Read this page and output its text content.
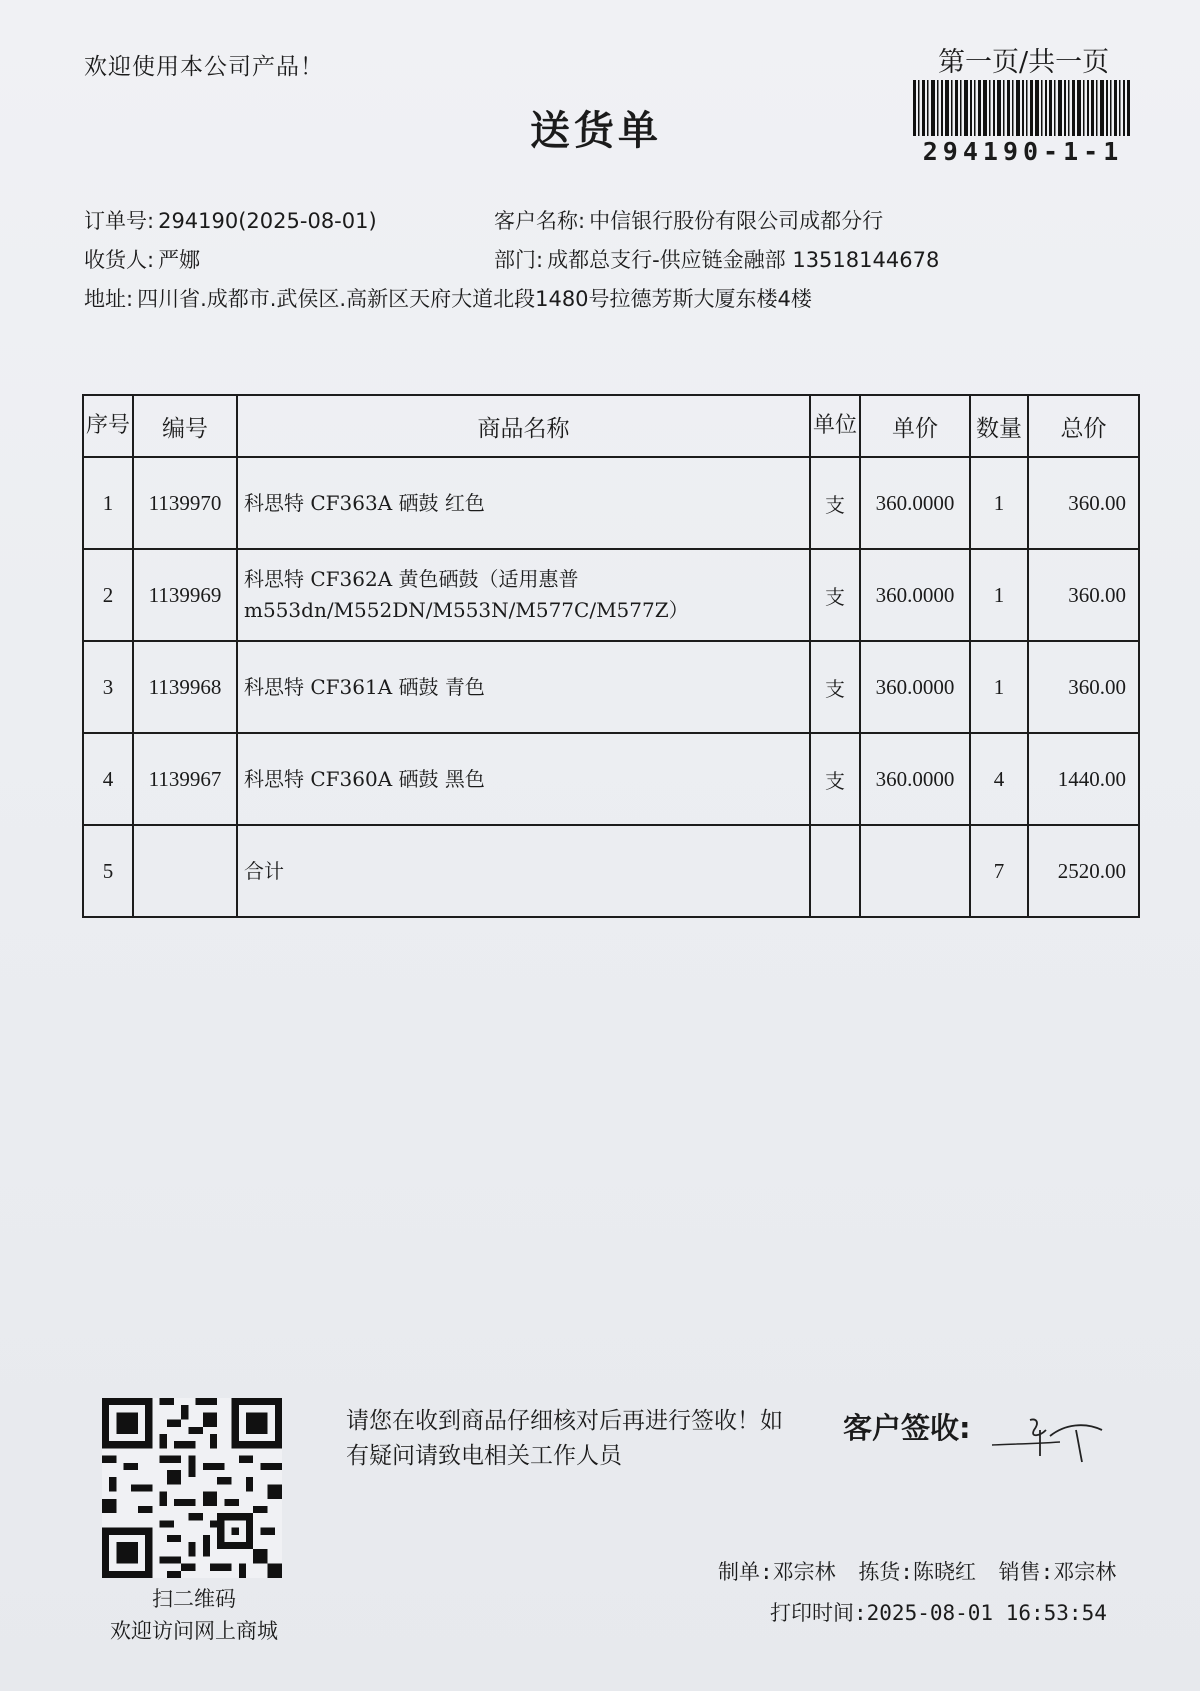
欢迎使用本公司产品！
送货单
第一页/共一页
294190-1-1
订单号: 294190(2025-08-01)	客户名称: 中信银行股份有限公司成都分行
收货人: 严娜	部门: 成都总支行-供应链金融部 13518144678
地址: 四川省.成都市.武侯区.高新区天府大道北段1480号拉德芳斯大厦东楼4楼
序号	编号	商品名称	单位	单价	数量	总价
1	1139970	科思特 CF363A 硒鼓 红色	支	360.0000	1	360.00
2	1139969	科思特 CF362A 黄色硒鼓（适用惠普 m553dn/M552DN/M553N/M577C/M577Z）	支	360.0000	1	360.00
3	1139968	科思特 CF361A 硒鼓 青色	支	360.0000	1	360.00
4	1139967	科思特 CF360A 硒鼓 黑色	支	360.0000	4	1440.00
5		合计			7	2520.00
扫二维码
欢迎访问网上商城
请您在收到商品仔细核对后再进行签收！如有疑问请致电相关工作人员
客户签收:
制单:邓宗林 拣货:陈晓红 销售:邓宗林
打印时间:2025-08-01 16:53:54
